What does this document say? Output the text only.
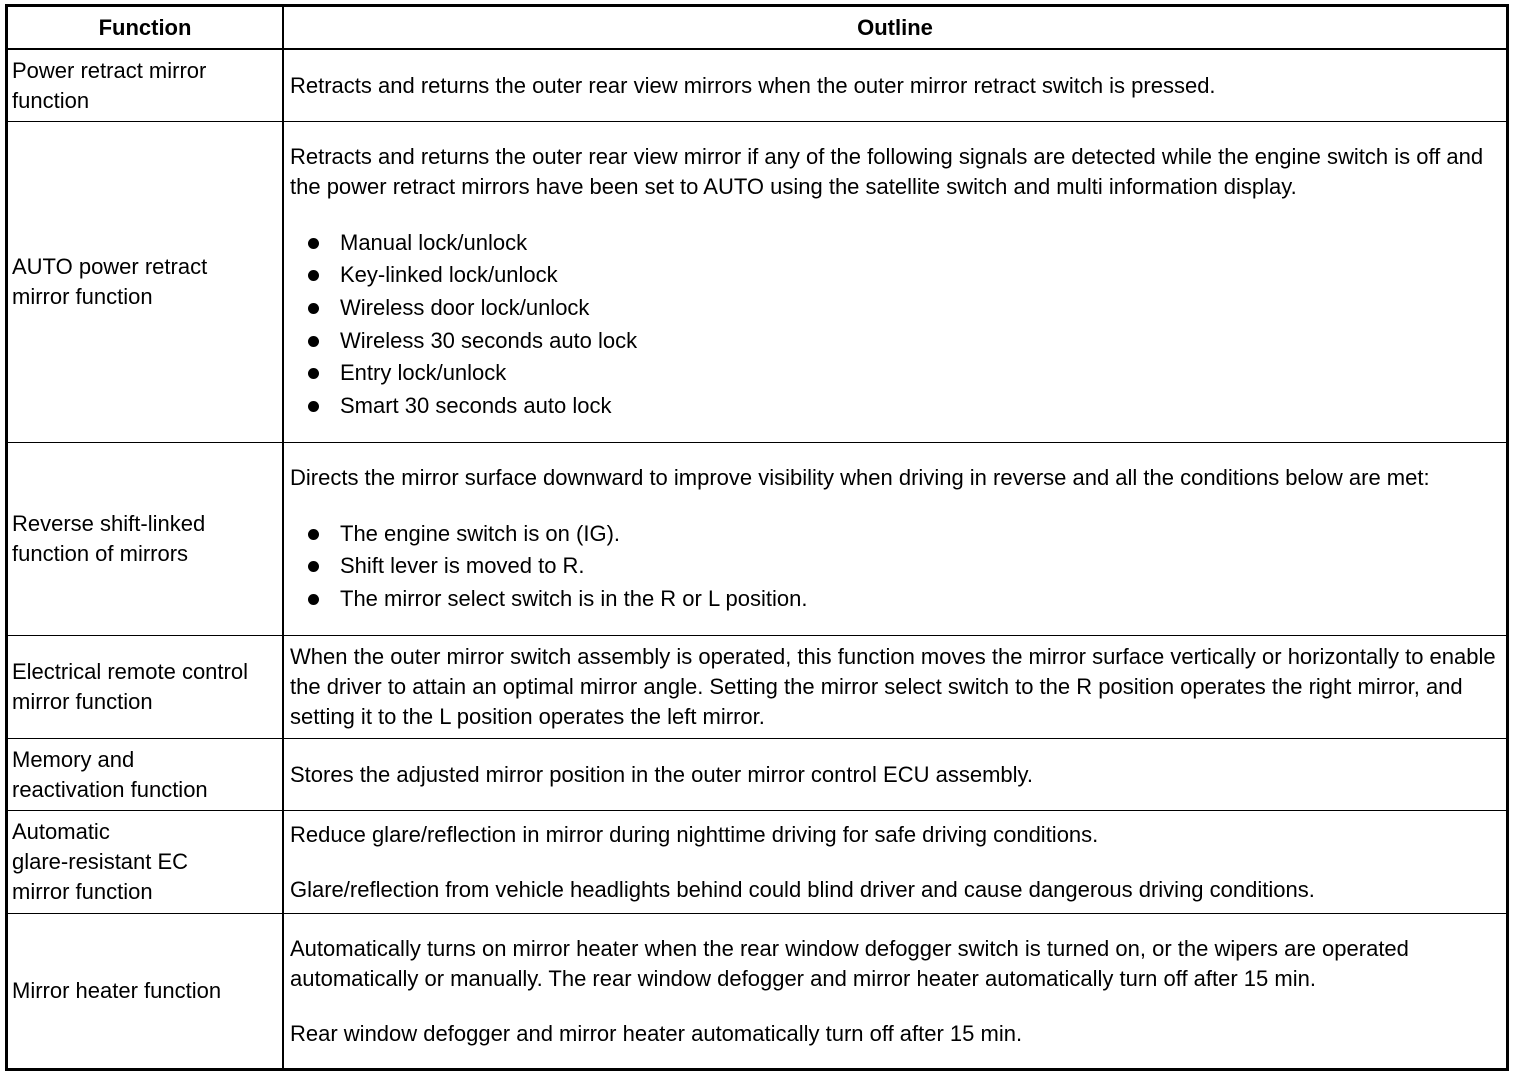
Function	Outline
Power retract mirror
function
Retracts and returns the outer rear view mirrors when the outer mirror retract switch is pressed.
AUTO power retract
mirror function
Retracts and returns the outer rear view mirror if any of the following signals are detected while the engine switch is off and the power retract mirrors have been set to AUTO using the satellite switch and multi information display.
Manual lock/unlock
Key-linked lock/unlock
Wireless door lock/unlock
Wireless 30 seconds auto lock
Entry lock/unlock
Smart 30 seconds auto lock
Reverse shift-linked
function of mirrors
Directs the mirror surface downward to improve visibility when driving in reverse and all the conditions below are met:
The engine switch is on (IG).
Shift lever is moved to R.
The mirror select switch is in the R or L position.
Electrical remote control
mirror function
When the outer mirror switch assembly is operated, this function moves the mirror surface vertically or horizontally to enable the driver to attain an optimal mirror angle. Setting the mirror select switch to the R position operates the right mirror, and setting it to the L position operates the left mirror.
Memory and
reactivation function
Stores the adjusted mirror position in the outer mirror control ECU assembly.
Automatic
glare-resistant EC
mirror function
Reduce glare/reflection in mirror during nighttime driving for safe driving conditions.
Glare/reflection from vehicle headlights behind could blind driver and cause dangerous driving conditions.
Mirror heater function
Automatically turns on mirror heater when the rear window defogger switch is turned on, or the wipers are operated automatically or manually. The rear window defogger and mirror heater automatically turn off after 15 min.
Rear window defogger and mirror heater automatically turn off after 15 min.
